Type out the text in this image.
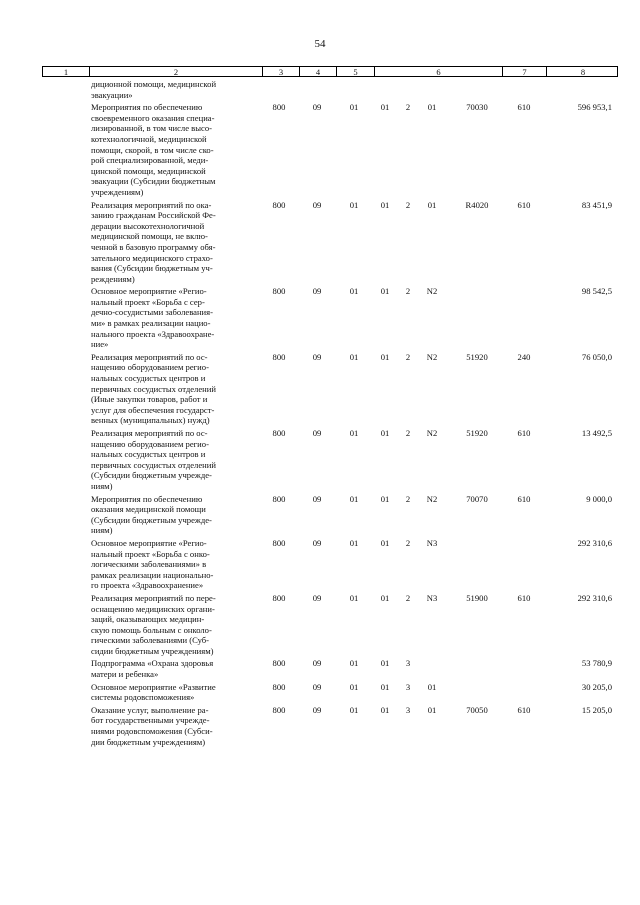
54
1	2	3	4	5	6	7	8
диционной помощи, медицинской
эвакуации»
Мероприятия по обеспечению
своевременного оказания специа-
лизированной, в том числе высо-
котехнологичной, медицинской
помощи, скорой, в том числе ско-
рой специализированной, меди-
цинской помощи, медицинской
эвакуации (Субсидии бюджетным
учреждениям)
800	09	01	01 2 01	70030	610	596 953,1
Реализация мероприятий по ока-
занию гражданам Российской Фе-
дерации высокотехнологичной
медицинской помощи, не вклю-
ченной в базовую программу обя-
зательного медицинского страхо-
вания (Субсидии бюджетным уч-
реждениям)
800	09	01	01 2 01	R4020	610	83 451,9
Основное мероприятие «Регио-
нальный проект «Борьба с сер-
дечно-сосудистыми заболевания-
ми» в рамках реализации нацио-
нального проекта «Здравоохране-
ние»
800	09	01	01 2 N2	98 542,5
Реализация мероприятий по ос-
нащению оборудованием регио-
нальных сосудистых центров и
первичных сосудистых отделений
(Иные закупки товаров, работ и
услуг для обеспечения государст-
венных (муниципальных) нужд)
800	09	01	01 2 N2	51920	240	76 050,0
Реализация мероприятий по ос-
нащению оборудованием регио-
нальных сосудистых центров и
первичных сосудистых отделений
(Субсидии бюджетным учрежде-
ниям)
800	09	01	01 2 N2	51920	610	13 492,5
Мероприятия по обеспечению
оказания медицинской помощи
(Субсидии бюджетным учрежде-
ниям)
800	09	01	01 2 N2	70070	610	9 000,0
Основное мероприятие «Регио-
нальный проект «Борьба с онко-
логическими заболеваниями» в
рамках реализации национально-
го проекта «Здравоохранение»
800	09	01	01 2 N3	292 310,6
Реализация мероприятий по пере-
оснащению медицинских органи-
заций, оказывающих медицин-
скую помощь больным с онколо-
гическими заболеваниями (Суб-
сидии бюджетным учреждениям)
800	09	01	01 2 N3	51900	610	292 310,6
Подпрограмма «Охрана здоровья
матери и ребенка»
800	09	01	01 3	53 780,9
Основное мероприятие «Развитие
системы родовспоможения»
800	09	01	01 3 01	30 205,0
Оказание услуг, выполнение ра-
бот государственными учрежде-
ниями родовспоможения (Субси-
дии бюджетным учреждениям)
800	09	01	01 3 01	70050	610	15 205,0
